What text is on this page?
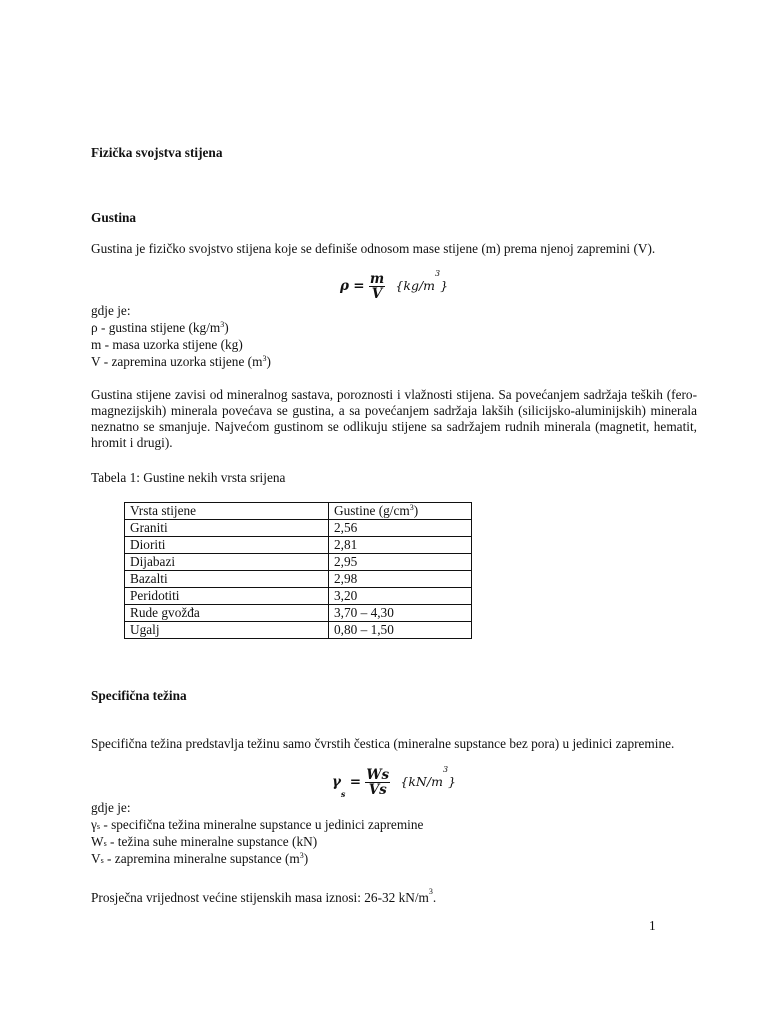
Fizička svojstva stijena

Gustina

Gustina je fizičko svojstvo stijena koje se definiše odnosom mase stijene (m) prema njenoj zapremini (V).

$\rho = \frac{m}{V} \{kg/m^3\}$
gdje je:
ρ - gustina stijene $(kg/m^3)$
m - masa uzorka stijene (kg)
V - zapremina uzorka stijene $(m^3)$

Gustina stijene zavisi od mineralnog sastava, poroznosti i vlažnosti stijena. Sa povećanjem sadržaja teških (fero-magnezijskih) minerala povećava se gustina, a sa povećanjem sadržaja lakših (silicijsko-aluminijskih) minerala neznatno se smanjuje. Najvećom gustinom se odlikuju stijene sa sadržajem rudnih minerala (magnetit, hematit, hromit i drugi).

Tabela 1: Gustine nekih vrsta srijena

Vrsta stijene	Gustine $(g/cm^3)$
Graniti	2,56
Dioriti	2,81
Dijabazi	2,95
Bazalti	2,98
Peridotiti	3,20
Rude gvožđa	3,70 – 4,30
Ugalj	0,80 – 1,50

Specifična težina

Specifična težina predstavlja težinu samo čvrstih čestica (mineralne supstance bez pora) u jedinici zapremine.

$\gamma_s = \frac{Ws}{Vs} \{kN/m^3\}$
gdje je:
$\gamma_s$ - specifična težina mineralne supstance u jedinici zapremine
$W_s$ - težina suhe mineralne supstance (kN)
$V_s$ - zapremina mineralne supstance $(m^3)$

Prosječna vrijednost većine stijenskih masa iznosi: 26-32 $kN/m^3$.

1
